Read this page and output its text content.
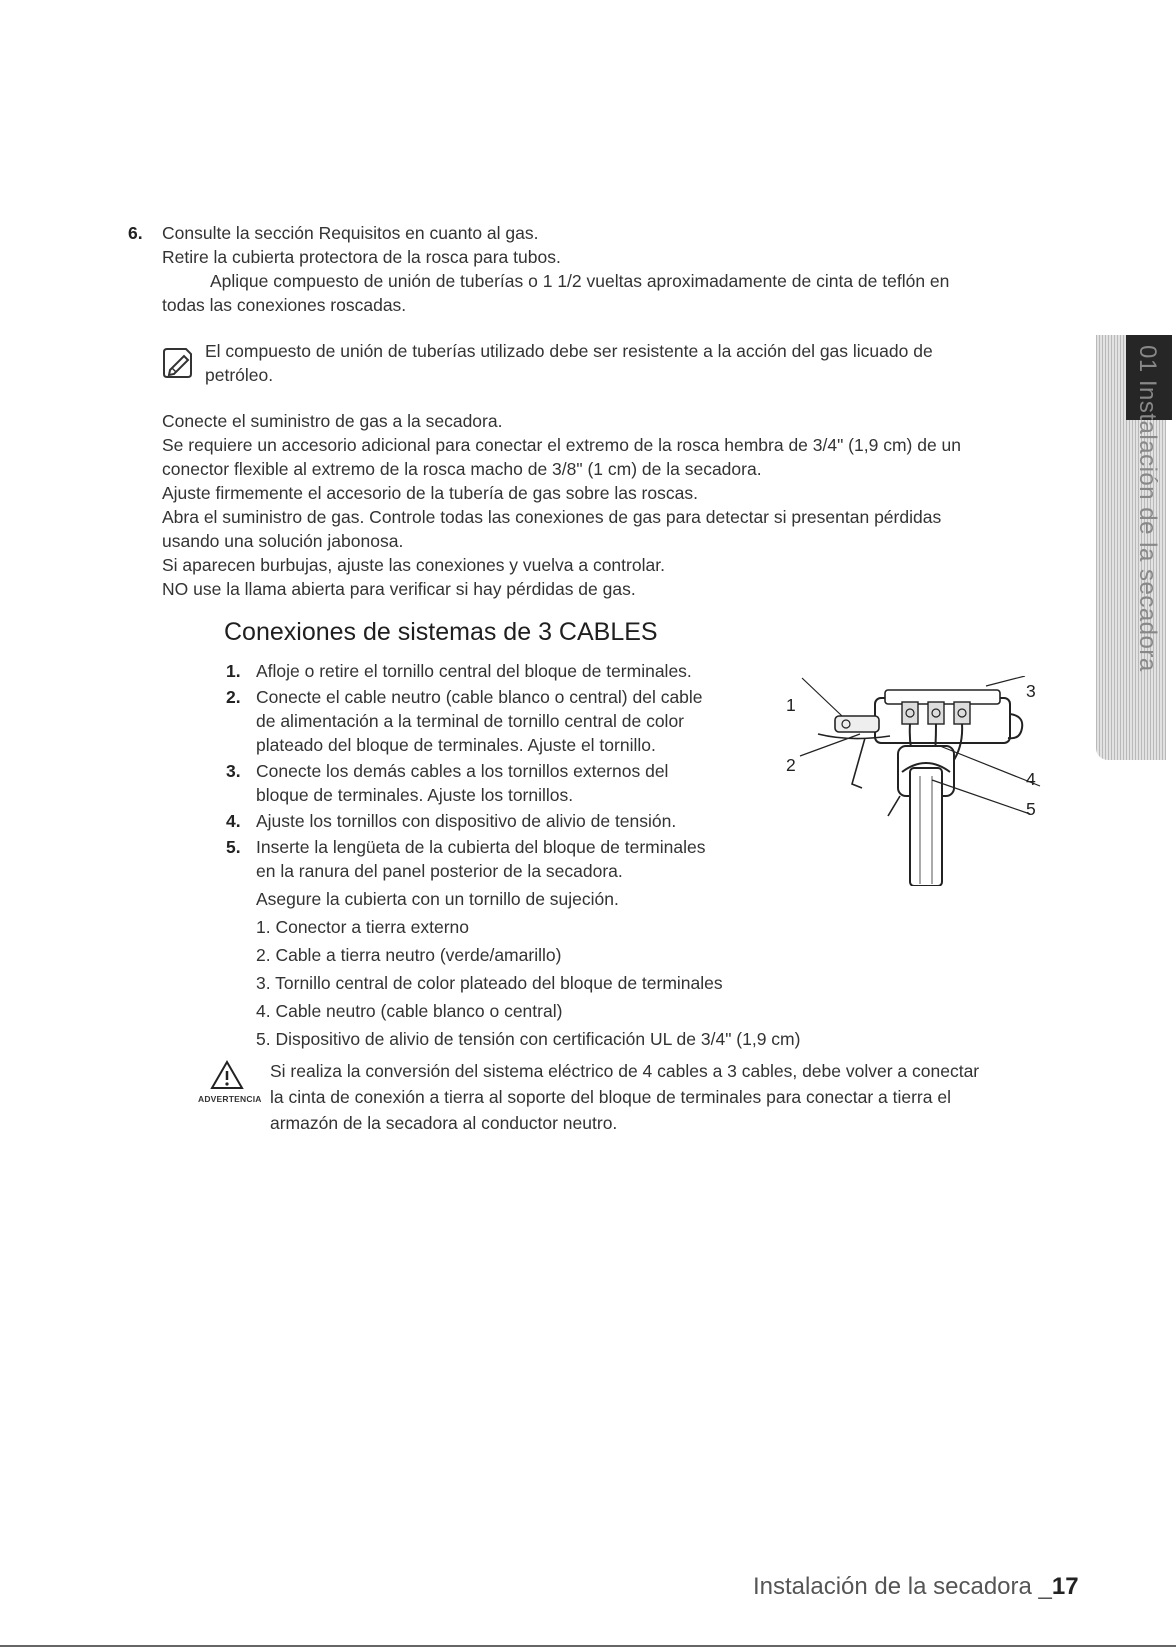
6. Consulte la sección Requisitos en cuanto al gas.
Retire la cubierta protectora de la rosca para tubos.
Aplique compuesto de unión de tuberías o 1 1/2 vueltas aproximadamente de cinta de teflón en
todas las conexiones roscadas.
El compuesto de unión de tuberías utilizado debe ser resistente a la acción del gas licuado de
petróleo.
Conecte el suministro de gas a la secadora.
Se requiere un accesorio adicional para conectar el extremo de la rosca hembra de 3/4" (1,9 cm) de un
conector flexible al extremo de la rosca macho de 3/8" (1 cm) de la secadora.
Ajuste firmemente el accesorio de la tubería de gas sobre las roscas.
Abra el suministro de gas. Controle todas las conexiones de gas para detectar si presentan pérdidas
usando una solución jabonosa.
Si aparecen burbujas, ajuste las conexiones y vuelva a controlar.
NO use la llama abierta para verificar si hay pérdidas de gas.
Conexiones de sistemas de 3 CABLES
1. Afloje o retire el tornillo central del bloque de terminales.
2. Conecte el cable neutro (cable blanco o central) del cable
de alimentación a la terminal de tornillo central de color
plateado del bloque de terminales. Ajuste el tornillo.
3. Conecte los demás cables a los tornillos externos del
bloque de terminales. Ajuste los tornillos.
4. Ajuste los tornillos con dispositivo de alivio de tensión.
5. Inserte la lengüeta de la cubierta del bloque de terminales
en la ranura del panel posterior de la secadora.
Asegure la cubierta con un tornillo de sujeción.
1. Conector a tierra externo
2. Cable a tierra neutro (verde/amarillo)
3. Tornillo central de color plateado del bloque de terminales
4. Cable neutro (cable blanco o central)
5. Dispositivo de alivio de tensión con certificación UL de 3/4" (1,9 cm)
1
2
3
4
5
ADVERTENCIA
Si realiza la conversión del sistema eléctrico de 4 cables a 3 cables, debe volver a conectar
la cinta de conexión a tierra al soporte del bloque de terminales para conectar a tierra el
armazón de la secadora al conductor neutro.
01 Instalación de la secadora
Instalación de la secadora _17
